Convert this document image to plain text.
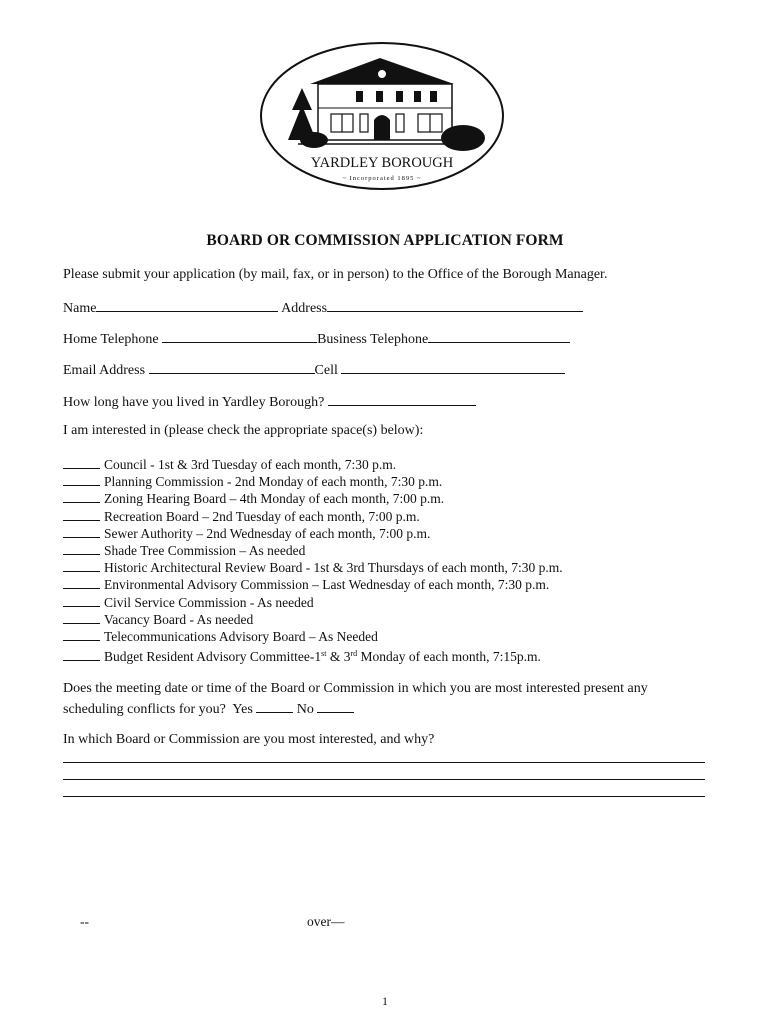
YARDLEY BOROUGH
~ Incorporated 1895 ~
BOARD OR COMMISSION APPLICATION FORM
Please submit your application (by mail, fax, or in person) to the Office of the Borough Manager.
Name	Address
Home Telephone	Business Telephone
Email Address	Cell
How long have you lived in Yardley Borough?
I am interested in (please check the appropriate space(s) below):
Council - 1st & 3rd Tuesday of each month, 7:30 p.m.
Planning Commission - 2nd Monday of each month, 7:30 p.m.
Zoning Hearing Board – 4th Monday of each month, 7:00 p.m.
Recreation Board – 2nd Tuesday of each month, 7:00 p.m.
Sewer Authority – 2nd Wednesday of each month, 7:00 p.m.
Shade Tree Commission – As needed
Historic Architectural Review Board - 1st & 3rd Thursdays of each month, 7:30 p.m.
Environmental Advisory Commission – Last Wednesday of each month, 7:30 p.m.
Civil Service Commission - As needed
Vacancy Board - As needed
Telecommunications Advisory Board – As Needed
Budget Resident Advisory Committee-1st & 3rd Monday of each month, 7:15p.m.
Does the meeting date or time of the Board or Commission in which you are most interested present any
scheduling conflicts for you? Yes	No
In which Board or Commission are you most interested, and why?
--	over—
1
